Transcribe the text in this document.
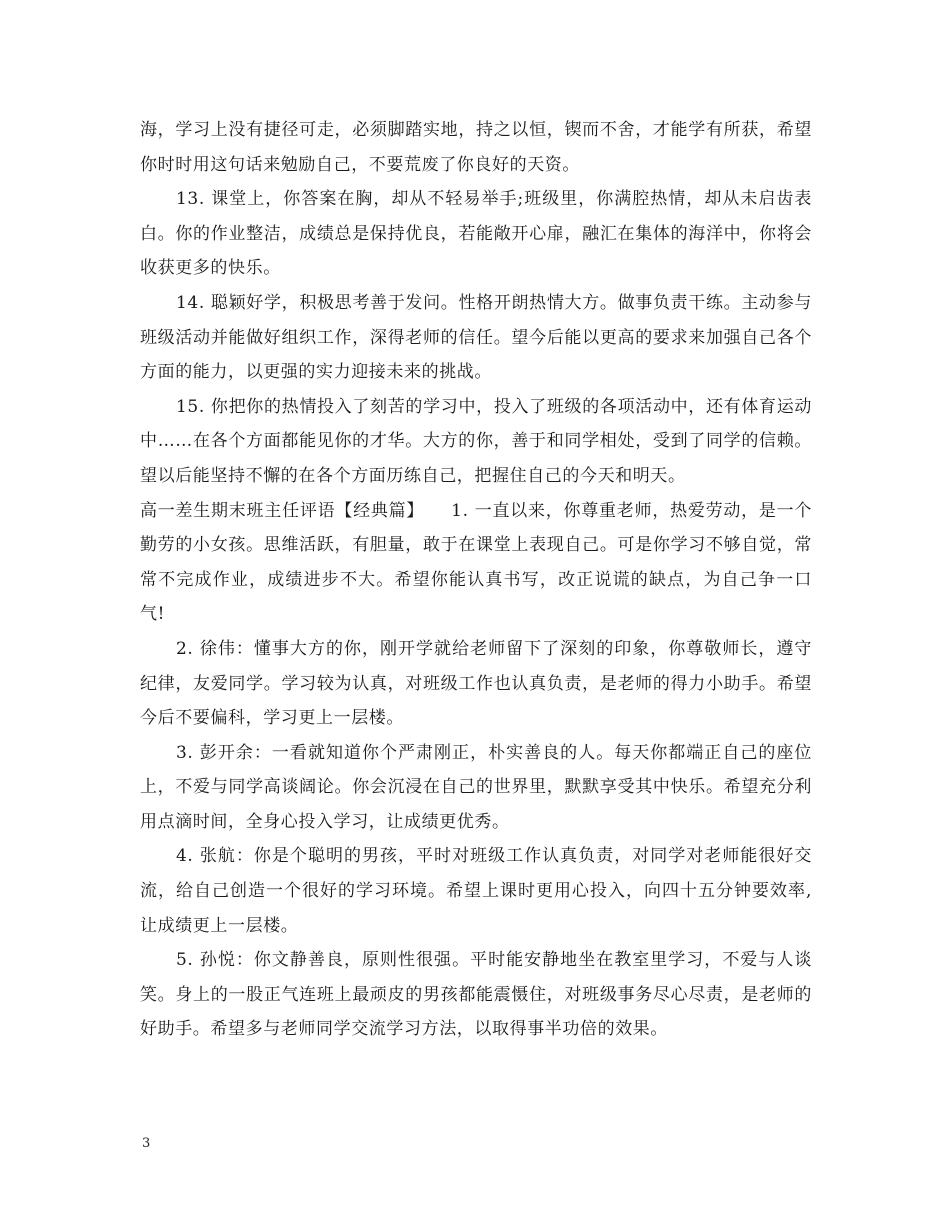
海，学习上没有捷径可走，必须脚踏实地，持之以恒，锲而不舍，才能学有所获，希望你时时用这句话来勉励自己，不要荒废了你良好的天资。

13. 课堂上，你答案在胸，却从不轻易举手;班级里，你满腔热情，却从未启齿表白。你的作业整洁，成绩总是保持优良，若能敞开心扉，融汇在集体的海洋中，你将会收获更多的快乐。

14. 聪颖好学，积极思考善于发问。性格开朗热情大方。做事负责干练。主动参与班级活动并能做好组织工作，深得老师的信任。望今后能以更高的要求来加强自己各个方面的能力，以更强的实力迎接未来的挑战。

15. 你把你的热情投入了刻苦的学习中，投入了班级的各项活动中，还有体育运动中……在各个方面都能见你的才华。大方的你，善于和同学相处，受到了同学的信赖。望以后能坚持不懈的在各个方面历练自己，把握住自己的今天和明天。

高一差生期末班主任评语【经典篇】　　1. 一直以来，你尊重老师，热爱劳动，是一个勤劳的小女孩。思维活跃，有胆量，敢于在课堂上表现自己。可是你学习不够自觉，常常不完成作业，成绩进步不大。希望你能认真书写，改正说谎的缺点，为自己争一口气!

2. 徐伟：懂事大方的你，刚开学就给老师留下了深刻的印象，你尊敬师长，遵守纪律，友爱同学。学习较为认真，对班级工作也认真负责，是老师的得力小助手。希望今后不要偏科，学习更上一层楼。

3. 彭开余：一看就知道你个严肃刚正，朴实善良的人。每天你都端正自己的座位上，不爱与同学高谈阔论。你会沉浸在自己的世界里，默默享受其中快乐。希望充分利用点滴时间，全身心投入学习，让成绩更优秀。

4. 张航：你是个聪明的男孩，平时对班级工作认真负责，对同学对老师能很好交流，给自己创造一个很好的学习环境。希望上课时更用心投入，向四十五分钟要效率,让成绩更上一层楼。

5. 孙悦：你文静善良，原则性很强。平时能安静地坐在教室里学习，不爱与人谈笑。身上的一股正气连班上最顽皮的男孩都能震慑住，对班级事务尽心尽责，是老师的好助手。希望多与老师同学交流学习方法，以取得事半功倍的效果。

3
